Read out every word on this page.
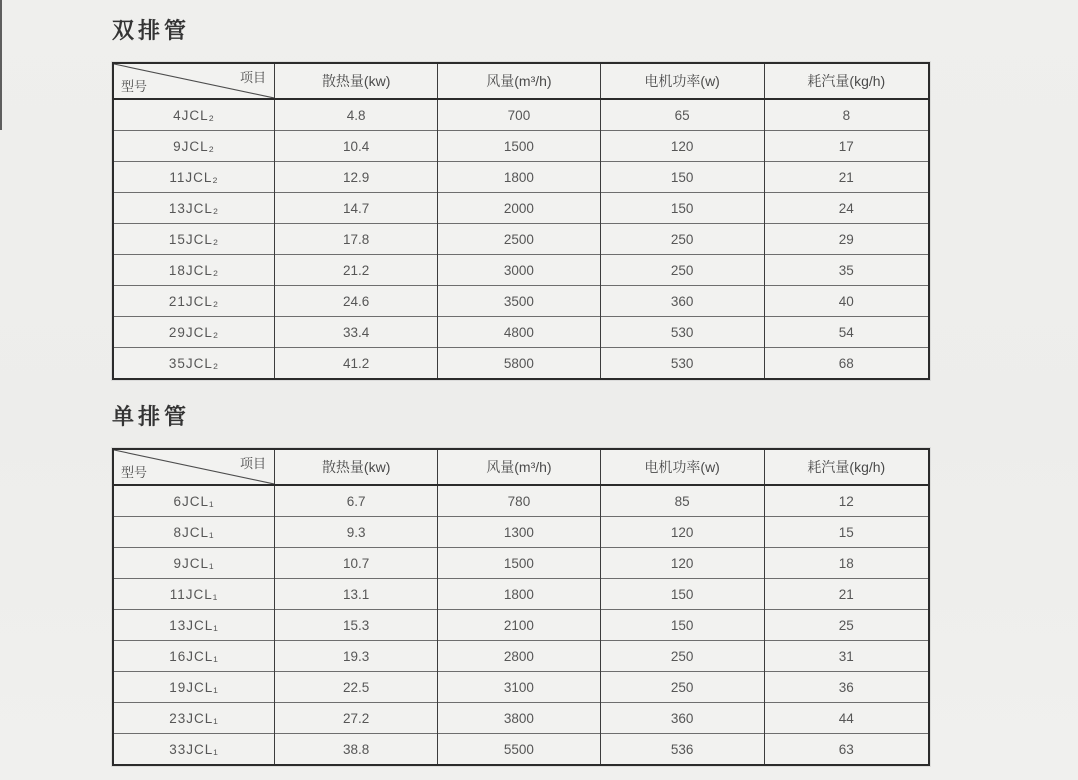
双排管
项目
型号	散热量(kw)	风量(m³/h)	电机功率(w)	耗汽量(kg/h)
4JCL₂	4.8	700	65	8
9JCL₂	10.4	1500	120	17
11JCL₂	12.9	1800	150	21
13JCL₂	14.7	2000	150	24
15JCL₂	17.8	2500	250	29
18JCL₂	21.2	3000	250	35
21JCL₂	24.6	3500	360	40
29JCL₂	33.4	4800	530	54
35JCL₂	41.2	5800	530	68
单排管
项目
型号	散热量(kw)	风量(m³/h)	电机功率(w)	耗汽量(kg/h)
6JCL₁	6.7	780	85	12
8JCL₁	9.3	1300	120	15
9JCL₁	10.7	1500	120	18
11JCL₁	13.1	1800	150	21
13JCL₁	15.3	2100	150	25
16JCL₁	19.3	2800	250	31
19JCL₁	22.5	3100	250	36
23JCL₁	27.2	3800	360	44
33JCL₁	38.8	5500	536	63
